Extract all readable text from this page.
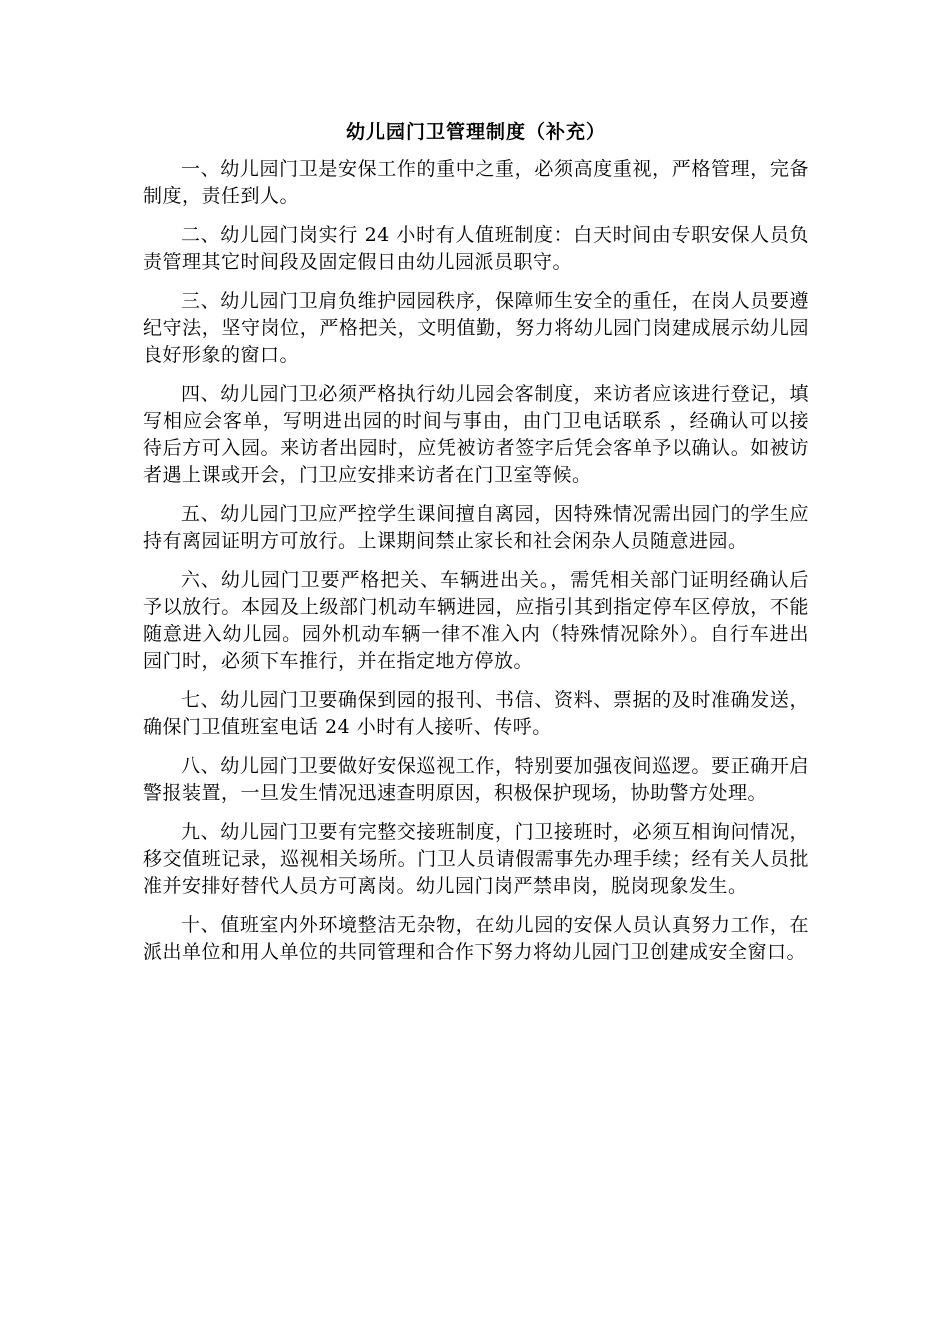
幼儿园门卫管理制度（补充）

一、幼儿园门卫是安保工作的重中之重，必须高度重视，严格管理，完备制度，责任到人。

二、幼儿园门岗实行 24 小时有人值班制度：白天时间由专职安保人员负责管理其它时间段及固定假日由幼儿园派员职守。

三、幼儿园门卫肩负维护园园秩序，保障师生安全的重任，在岗人员要遵纪守法，坚守岗位，严格把关，文明值勤，努力将幼儿园门岗建成展示幼儿园良好形象的窗口。

四、幼儿园门卫必须严格执行幼儿园会客制度，来访者应该进行登记，填写相应会客单，写明进出园的时间与事由，由门卫电话联系 ，经确认可以接待后方可入园。来访者出园时，应凭被访者签字后凭会客单予以确认。如被访者遇上课或开会，门卫应安排来访者在门卫室等候。

五、幼儿园门卫应严控学生课间擅自离园，因特殊情况需出园门的学生应持有离园证明方可放行。上课期间禁止家长和社会闲杂人员随意进园。

六、幼儿园门卫要严格把关、车辆进出关。，需凭相关部门证明经确认后予以放行。本园及上级部门机动车辆进园，应指引其到指定停车区停放，不能随意进入幼儿园。园外机动车辆一律不准入内（特殊情况除外）。自行车进出园门时，必须下车推行，并在指定地方停放。

七、幼儿园门卫要确保到园的报刊、书信、资料、票据的及时准确发送，确保门卫值班室电话 24 小时有人接听、传呼。

八、幼儿园门卫要做好安保巡视工作，特别要加强夜间巡逻。要正确开启警报装置，一旦发生情况迅速查明原因，积极保护现场，协助警方处理。

九、幼儿园门卫要有完整交接班制度，门卫接班时，必须互相询问情况，移交值班记录，巡视相关场所。门卫人员请假需事先办理手续；经有关人员批准并安排好替代人员方可离岗。幼儿园门岗严禁串岗，脱岗现象发生。

十、值班室内外环境整洁无杂物，在幼儿园的安保人员认真努力工作，在派出单位和用人单位的共同管理和合作下努力将幼儿园门卫创建成安全窗口。
